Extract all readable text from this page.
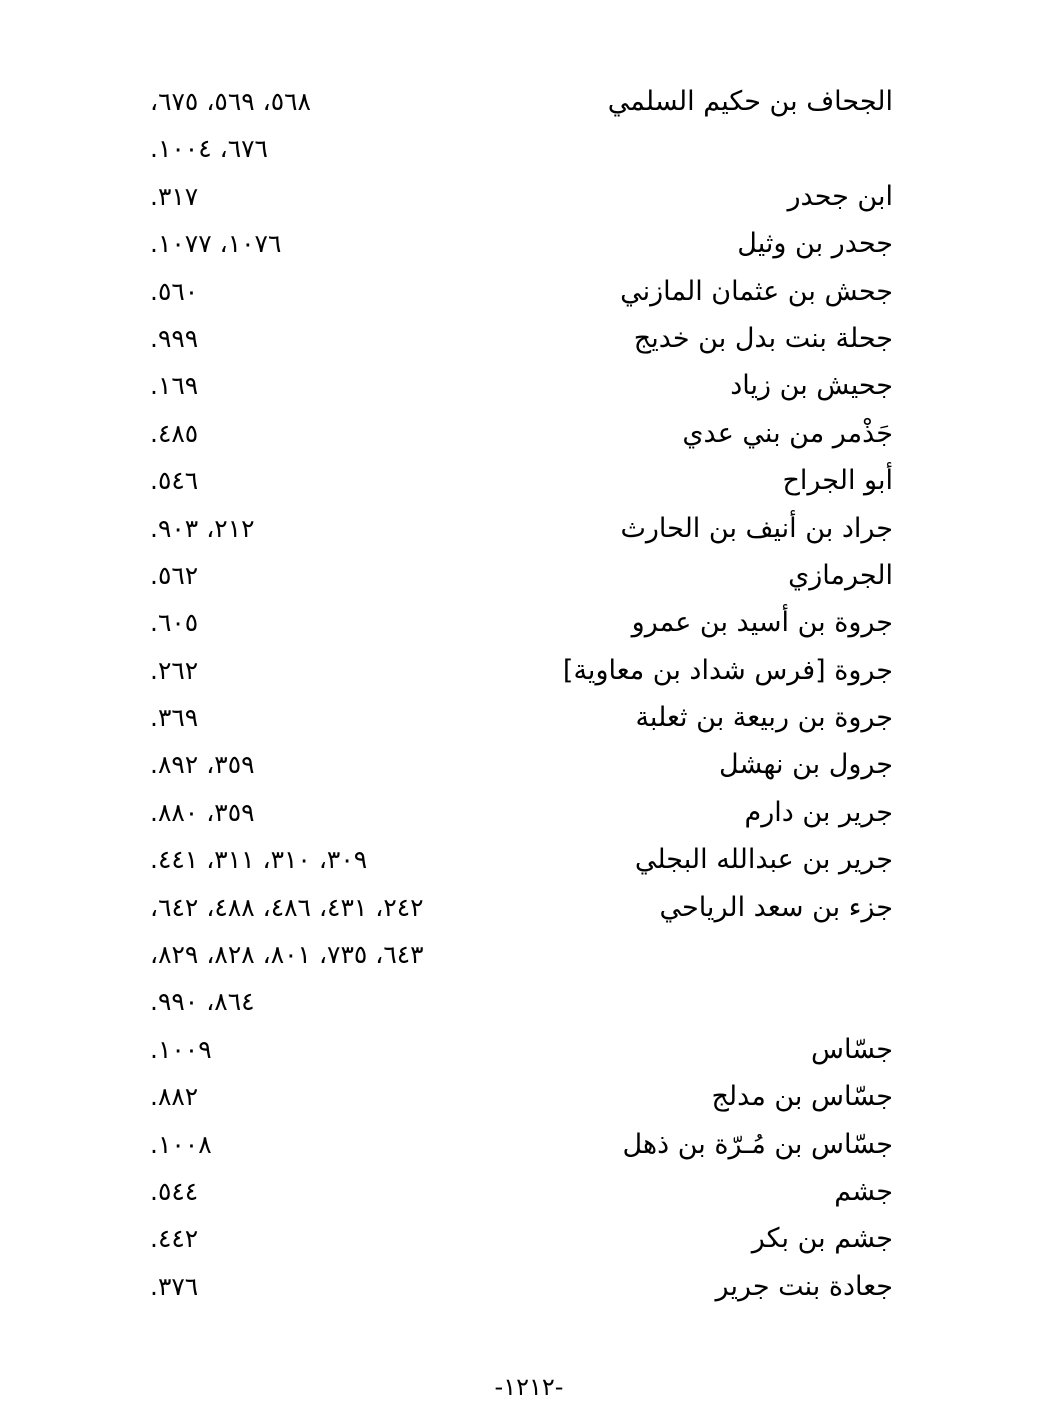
الجحاف بن حكيم السلمي
٥٦٨، ٥٦٩، ٦٧٥،
٦٧٦، ١٠٠٤.
ابن جحدر
٣١٧.
جحدر بن وثيل
١٠٧٦، ١٠٧٧.
جحش بن عثمان المازني
٥٦٠.
جحلة بنت بدل بن خديج
٩٩٩.
جحيش بن زياد
١٦٩.
جَذْمر من بني عدي
٤٨٥.
أبو الجراح
٥٤٦.
جراد بن أنيف بن الحارث
٢١٢، ٩٠٣.
الجرمازي
٥٦٢.
جروة بن أسيد بن عمرو
٦٠٥.
جروة [فرس شداد بن معاوية]
٢٦٢.
جروة بن ربيعة بن ثعلبة
٣٦٩.
جرول بن نهشل
٣٥٩، ٨٩٢.
جرير بن دارم
٣٥٩، ٨٨٠.
جرير بن عبدالله البجلي
٣٠٩، ٣١٠، ٣١١، ٤٤١.
جزء بن سعد الرياحي
٢٤٢، ٤٣١، ٤٨٦، ٤٨٨، ٦٤٢،
٦٤٣، ٧٣٥، ٨٠١، ٨٢٨، ٨٢٩،
٨٦٤، ٩٩٠.
جسّاس
١٠٠٩.
جسّاس بن مدلج
٨٨٢.
جسّاس بن مُـرّة بن ذهل
١٠٠٨.
جشم
٥٤٤.
جشم بن بكر
٤٤٢.
جعادة بنت جرير
٣٧٦.
-١٢١٢-
